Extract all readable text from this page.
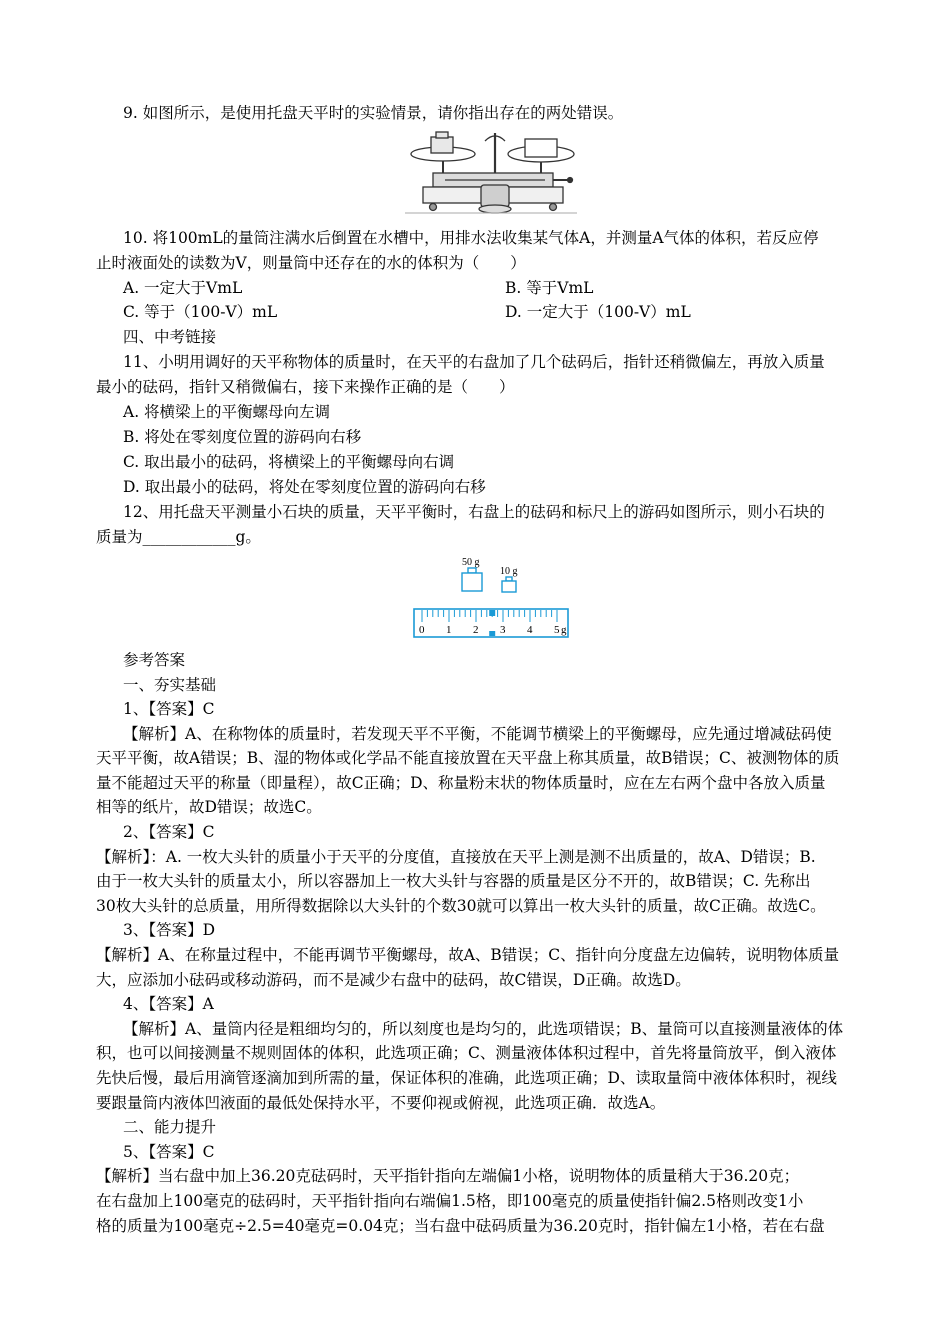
9. 如图所示，是使用托盘天平时的实验情景，请你指出存在的两处错误。
10. 将100mL的量筒注满水后倒置在水槽中，用排水法收集某气体A，并测量A气体的体积，若反应停
止时液面处的读数为V，则量筒中还存在的水的体积为（　　）
A. 一定大于VmL	B. 等于VmL
C. 等于（100-V）mL	D. 一定大于（100-V）mL
四、中考链接
11、小明用调好的天平称物体的质量时，在天平的右盘加了几个砝码后，指针还稍微偏左，再放入质量
最小的砝码，指针又稍微偏右，接下来操作正确的是（　　）
A. 将横梁上的平衡螺母向左调
B. 将处在零刻度位置的游码向右移
C. 取出最小的砝码，将横梁上的平衡螺母向右调
D. 取出最小的砝码，将处在零刻度位置的游码向右移
12、用托盘天平测量小石块的质量，天平平衡时，右盘上的砝码和标尺上的游码如图所示，则小石块的
质量为____________g。
50 g
10 g
0 1 2 3 4 5 g
参考答案
一、夯实基础
1、【答案】C
【解析】A、在称物体的质量时，若发现天平不平衡，不能调节横梁上的平衡螺母，应先通过增减砝码使
天平平衡，故A错误；B、湿的物体或化学品不能直接放置在天平盘上称其质量，故B错误；C、被测物体的质
量不能超过天平的称量（即量程），故C正确；D、称量粉末状的物体质量时，应在左右两个盘中各放入质量
相等的纸片，故D错误；故选C。
2、【答案】C
【解析】：A. 一枚大头针的质量小于天平的分度值，直接放在天平上测是测不出质量的，故A、D错误；B.
由于一枚大头针的质量太小，所以容器加上一枚大头针与容器的质量是区分不开的，故B错误；C. 先称出
30枚大头针的总质量，用所得数据除以大头针的个数30就可以算出一枚大头针的质量，故C正确。故选C。
3、【答案】D
【解析】A、在称量过程中，不能再调节平衡螺母，故A、B错误；C、指针向分度盘左边偏转，说明物体质量
大，应添加小砝码或移动游码，而不是减少右盘中的砝码，故C错误，D正确。故选D。
4、【答案】A
【解析】A、量筒内径是粗细均匀的，所以刻度也是均匀的，此选项错误；B、量筒可以直接测量液体的体
积，也可以间接测量不规则固体的体积，此选项正确；C、测量液体体积过程中，首先将量筒放平，倒入液体
先快后慢，最后用滴管逐滴加到所需的量，保证体积的准确，此选项正确；D、读取量筒中液体体积时，视线
要跟量筒内液体凹液面的最低处保持水平，不要仰视或俯视，此选项正确．故选A。
二、能力提升
5、【答案】C
【解析】当右盘中加上36.20克砝码时，天平指针指向左端偏1小格，说明物体的质量稍大于36.20克；
在右盘加上100毫克的砝码时，天平指针指向右端偏1.5格，即100毫克的质量使指针偏2.5格则改变1小
格的质量为100毫克÷2.5=40毫克=0.04克；当右盘中砝码质量为36.20克时，指针偏左1小格，若在右盘
